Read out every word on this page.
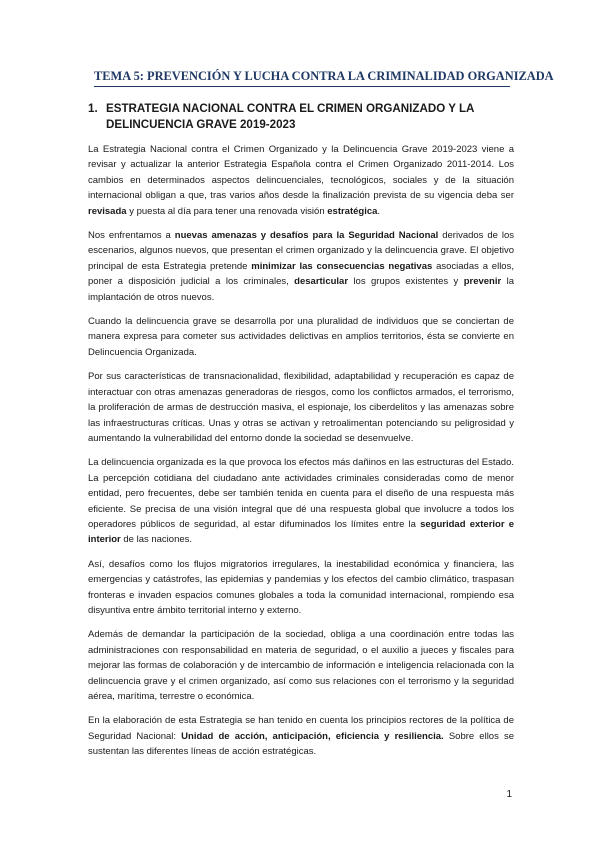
TEMA 5: PREVENCIÓN Y LUCHA CONTRA LA CRIMINALIDAD ORGANIZADA
1. ESTRATEGIA NACIONAL CONTRA EL CRIMEN ORGANIZADO Y LA DELINCUENCIA GRAVE 2019-2023

La Estrategia Nacional contra el Crimen Organizado y la Delincuencia Grave 2019-2023 viene a revisar y actualizar la anterior Estrategia Española contra el Crimen Organizado 2011-2014. Los cambios en determinados aspectos delincuenciales, tecnológicos, sociales y de la situación internacional obligan a que, tras varios años desde la finalización prevista de su vigencia deba ser revisada y puesta al día para tener una renovada visión estratégica.

Nos enfrentamos a nuevas amenazas y desafíos para la Seguridad Nacional derivados de los escenarios, algunos nuevos, que presentan el crimen organizado y la delincuencia grave. El objetivo principal de esta Estrategia pretende minimizar las consecuencias negativas asociadas a ellos, poner a disposición judicial a los criminales, desarticular los grupos existentes y prevenir la implantación de otros nuevos.

Cuando la delincuencia grave se desarrolla por una pluralidad de individuos que se conciertan de manera expresa para cometer sus actividades delictivas en amplios territorios, ésta se convierte en Delincuencia Organizada.

Por sus características de transnacionalidad, flexibilidad, adaptabilidad y recuperación es capaz de interactuar con otras amenazas generadoras de riesgos, como los conflictos armados, el terrorismo, la proliferación de armas de destrucción masiva, el espionaje, los ciberdelitos y las amenazas sobre las infraestructuras críticas. Unas y otras se activan y retroalimentan potenciando su peligrosidad y aumentando la vulnerabilidad del entorno donde la sociedad se desenvuelve.

La delincuencia organizada es la que provoca los efectos más dañinos en las estructuras del Estado. La percepción cotidiana del ciudadano ante actividades criminales consideradas como de menor entidad, pero frecuentes, debe ser también tenida en cuenta para el diseño de una respuesta más eficiente. Se precisa de una visión integral que dé una respuesta global que involucre a todos los operadores públicos de seguridad, al estar difuminados los límites entre la seguridad exterior e interior de las naciones.

Así, desafíos como los flujos migratorios irregulares, la inestabilidad económica y financiera, las emergencias y catástrofes, las epidemias y pandemias y los efectos del cambio climático, traspasan fronteras e invaden espacios comunes globales a toda la comunidad internacional, rompiendo esa disyuntiva entre ámbito territorial interno y externo.

Además de demandar la participación de la sociedad, obliga a una coordinación entre todas las administraciones con responsabilidad en materia de seguridad, o el auxilio a jueces y fiscales para mejorar las formas de colaboración y de intercambio de información e inteligencia relacionada con la delincuencia grave y el crimen organizado, así como sus relaciones con el terrorismo y la seguridad aérea, marítima, terrestre o económica.

En la elaboración de esta Estrategia se han tenido en cuenta los principios rectores de la política de Seguridad Nacional: Unidad de acción, anticipación, eficiencia y resiliencia. Sobre ellos se sustentan las diferentes líneas de acción estratégicas.

1
